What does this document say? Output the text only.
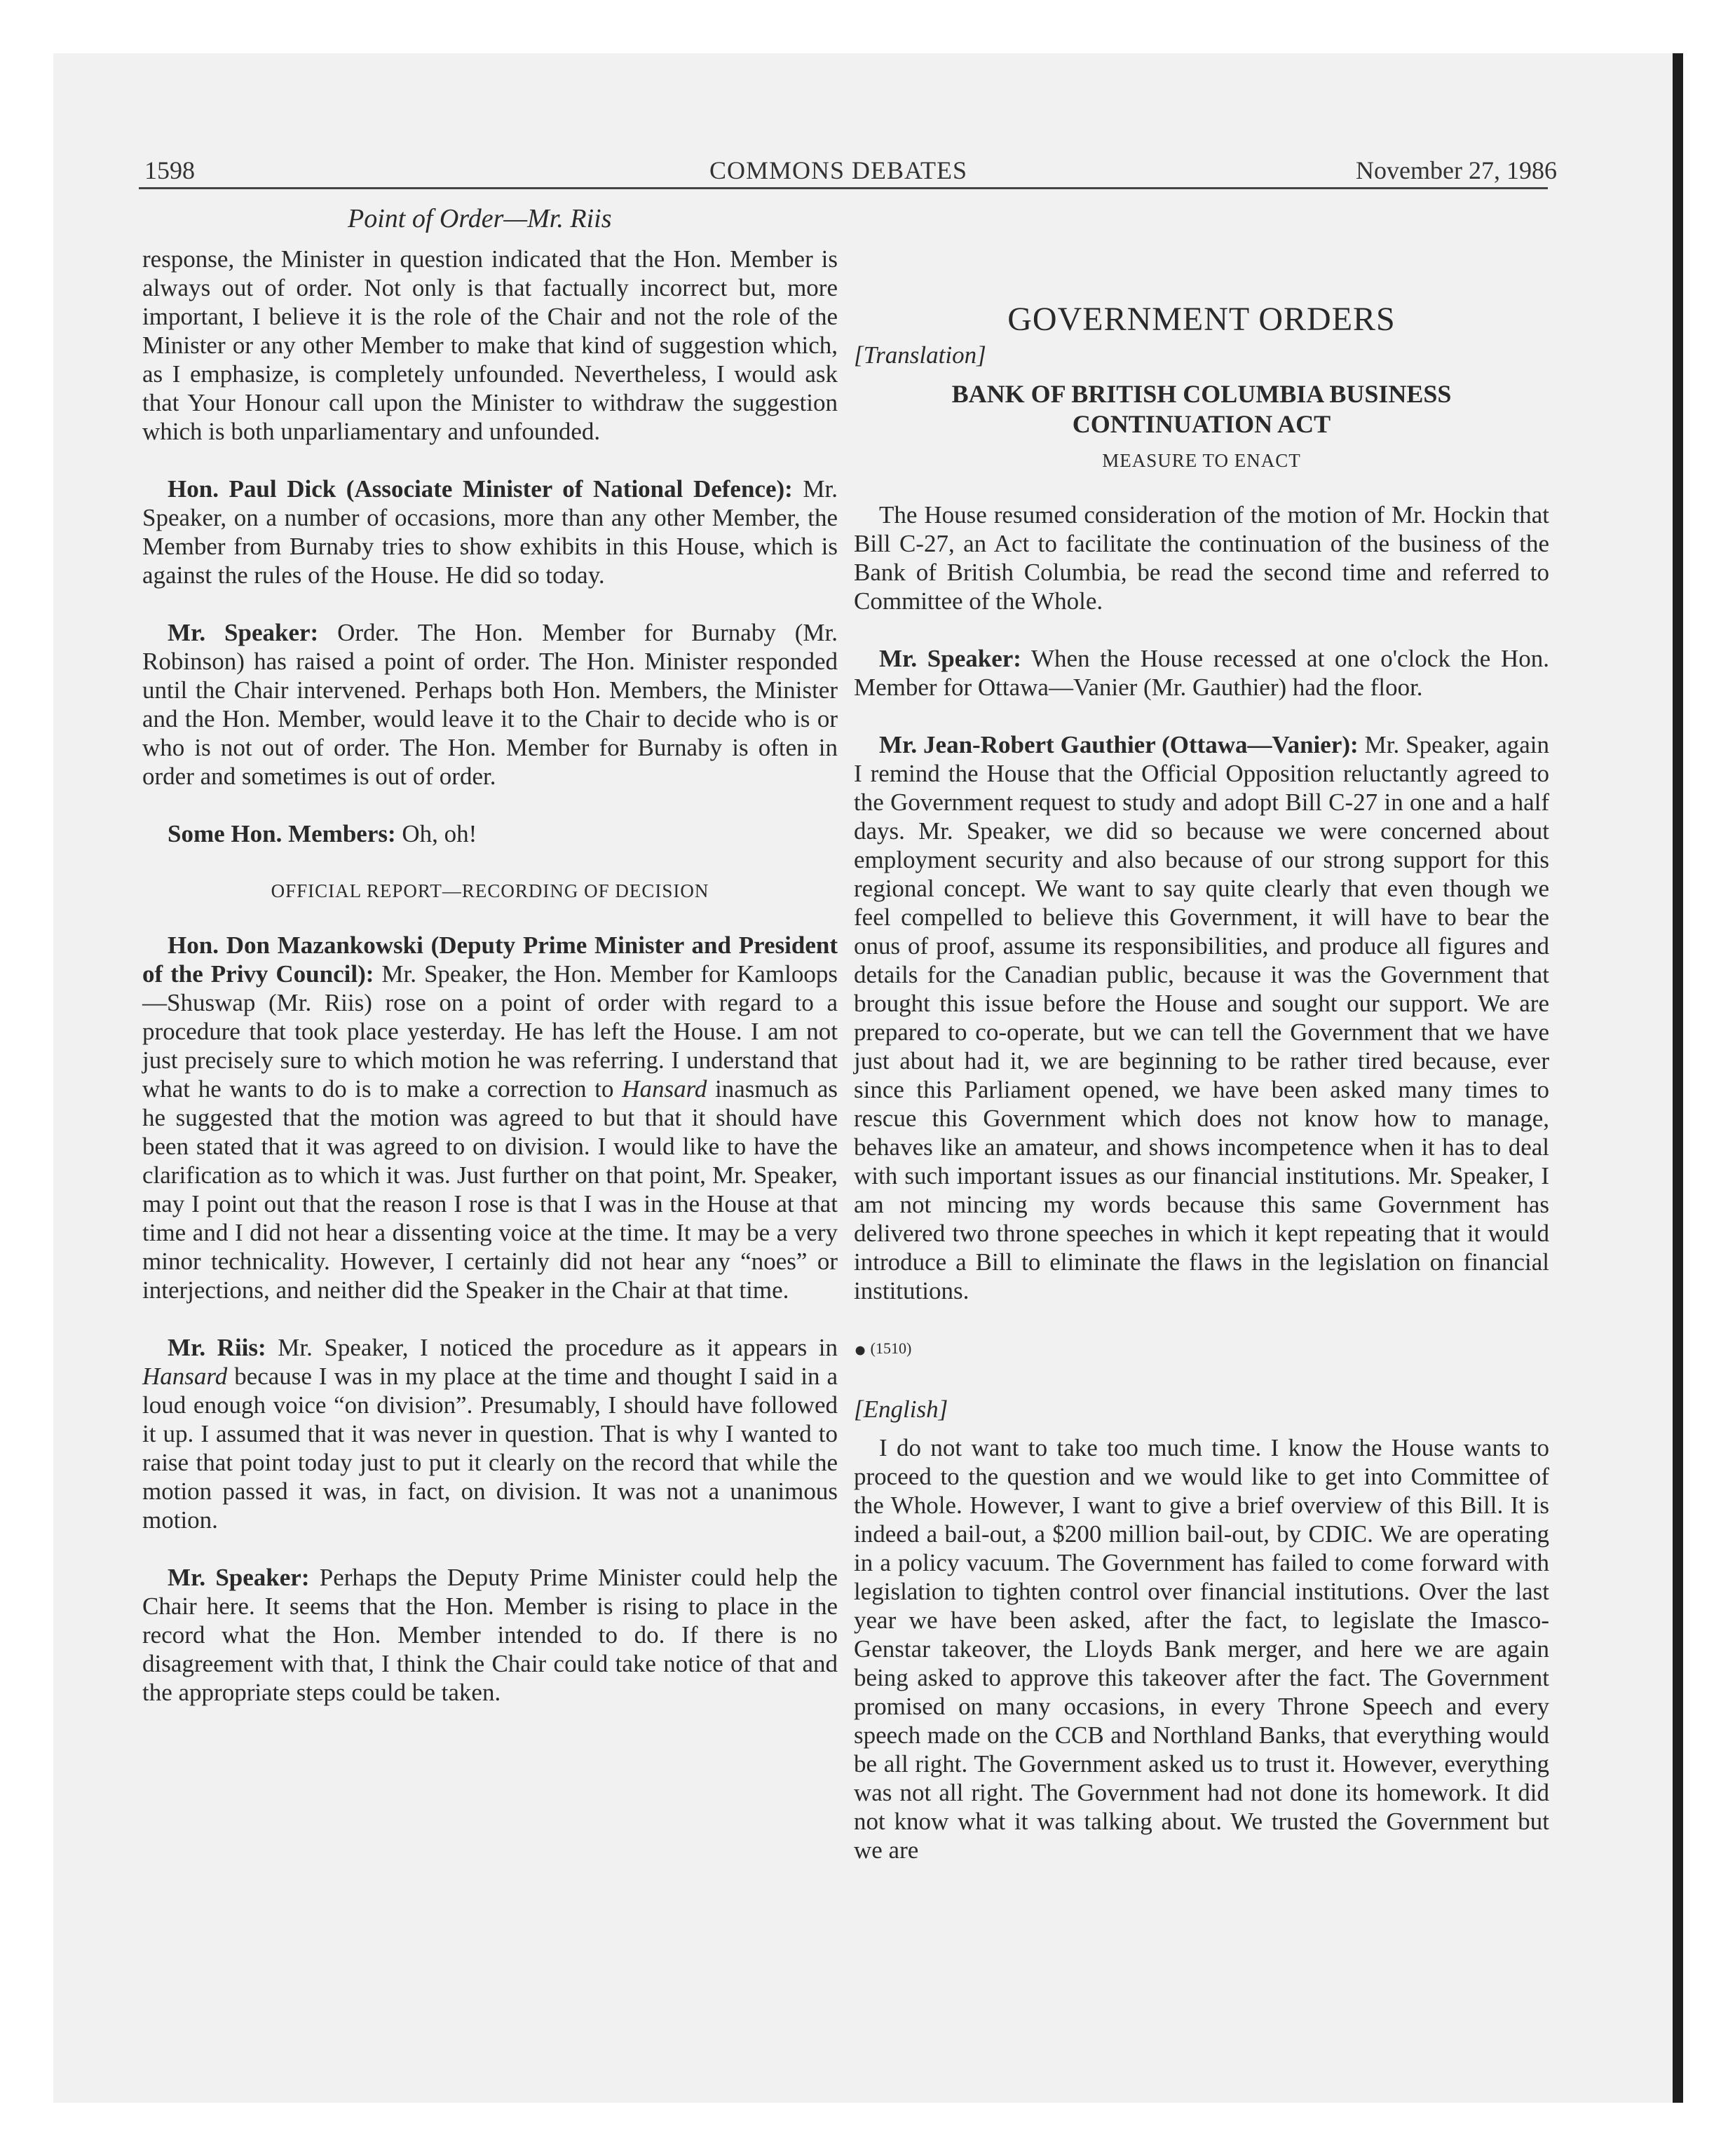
1598	COMMONS DEBATES	November 27, 1986
Point of Order—Mr. Riis

response, the Minister in question indicated that the Hon. Member is always out of order. Not only is that factually incorrect but, more important, I believe it is the role of the Chair and not the role of the Minister or any other Member to make that kind of suggestion which, as I emphasize, is completely unfounded. Nevertheless, I would ask that Your Honour call upon the Minister to withdraw the suggestion which is both unparliamentary and unfounded.

Hon. Paul Dick (Associate Minister of National Defence): Mr. Speaker, on a number of occasions, more than any other Member, the Member from Burnaby tries to show exhibits in this House, which is against the rules of the House. He did so today.

Mr. Speaker: Order. The Hon. Member for Burnaby (Mr. Robinson) has raised a point of order. The Hon. Minister responded until the Chair intervened. Perhaps both Hon. Members, the Minister and the Hon. Member, would leave it to the Chair to decide who is or who is not out of order. The Hon. Member for Burnaby is often in order and sometimes is out of order.

Some Hon. Members: Oh, oh!

OFFICIAL REPORT—RECORDING OF DECISION

Hon. Don Mazankowski (Deputy Prime Minister and President of the Privy Council): Mr. Speaker, the Hon. Member for Kamloops—Shuswap (Mr. Riis) rose on a point of order with regard to a procedure that took place yesterday. He has left the House. I am not just precisely sure to which motion he was referring. I understand that what he wants to do is to make a correction to Hansard inasmuch as he suggested that the motion was agreed to but that it should have been stated that it was agreed to on division. I would like to have the clarification as to which it was. Just further on that point, Mr. Speaker, may I point out that the reason I rose is that I was in the House at that time and I did not hear a dissenting voice at the time. It may be a very minor technicality. However, I certainly did not hear any “noes” or interjections, and neither did the Speaker in the Chair at that time.

Mr. Riis: Mr. Speaker, I noticed the procedure as it appears in Hansard because I was in my place at the time and thought I said in a loud enough voice “on division”. Presumably, I should have followed it up. I assumed that it was never in question. That is why I wanted to raise that point today just to put it clearly on the record that while the motion passed it was, in fact, on division. It was not a unanimous motion.

Mr. Speaker: Perhaps the Deputy Prime Minister could help the Chair here. It seems that the Hon. Member is rising to place in the record what the Hon. Member intended to do. If there is no disagreement with that, I think the Chair could take notice of that and the appropriate steps could be taken.

GOVERNMENT ORDERS
[Translation]
BANK OF BRITISH COLUMBIA BUSINESS CONTINUATION ACT
MEASURE TO ENACT

The House resumed consideration of the motion of Mr. Hockin that Bill C-27, an Act to facilitate the continuation of the business of the Bank of British Columbia, be read the second time and referred to Committee of the Whole.

Mr. Speaker: When the House recessed at one o'clock the Hon. Member for Ottawa—Vanier (Mr. Gauthier) had the floor.

Mr. Jean-Robert Gauthier (Ottawa—Vanier): Mr. Speaker, again I remind the House that the Official Opposition reluctantly agreed to the Government request to study and adopt Bill C-27 in one and a half days. Mr. Speaker, we did so because we were concerned about employment security and also because of our strong support for this regional concept. We want to say quite clearly that even though we feel compelled to believe this Government, it will have to bear the onus of proof, assume its responsibilities, and produce all figures and details for the Canadian public, because it was the Government that brought this issue before the House and sought our support. We are prepared to co-operate, but we can tell the Government that we have just about had it, we are beginning to be rather tired because, ever since this Parliament opened, we have been asked many times to rescue this Government which does not know how to manage, behaves like an amateur, and shows incompetence when it has to deal with such important issues as our financial institutions. Mr. Speaker, I am not mincing my words because this same Government has delivered two throne speeches in which it kept repeating that it would introduce a Bill to eliminate the flaws in the legislation on financial institutions.

● (1510)
[English]

I do not want to take too much time. I know the House wants to proceed to the question and we would like to get into Committee of the Whole. However, I want to give a brief overview of this Bill. It is indeed a bail-out, a $200 million bail-out, by CDIC. We are operating in a policy vacuum. The Government has failed to come forward with legislation to tighten control over financial institutions. Over the last year we have been asked, after the fact, to legislate the Imasco-Genstar takeover, the Lloyds Bank merger, and here we are again being asked to approve this takeover after the fact. The Government promised on many occasions, in every Throne Speech and every speech made on the CCB and Northland Banks, that everything would be all right. The Government asked us to trust it. However, everything was not all right. The Government had not done its homework. It did not know what it was talking about. We trusted the Government but we are
